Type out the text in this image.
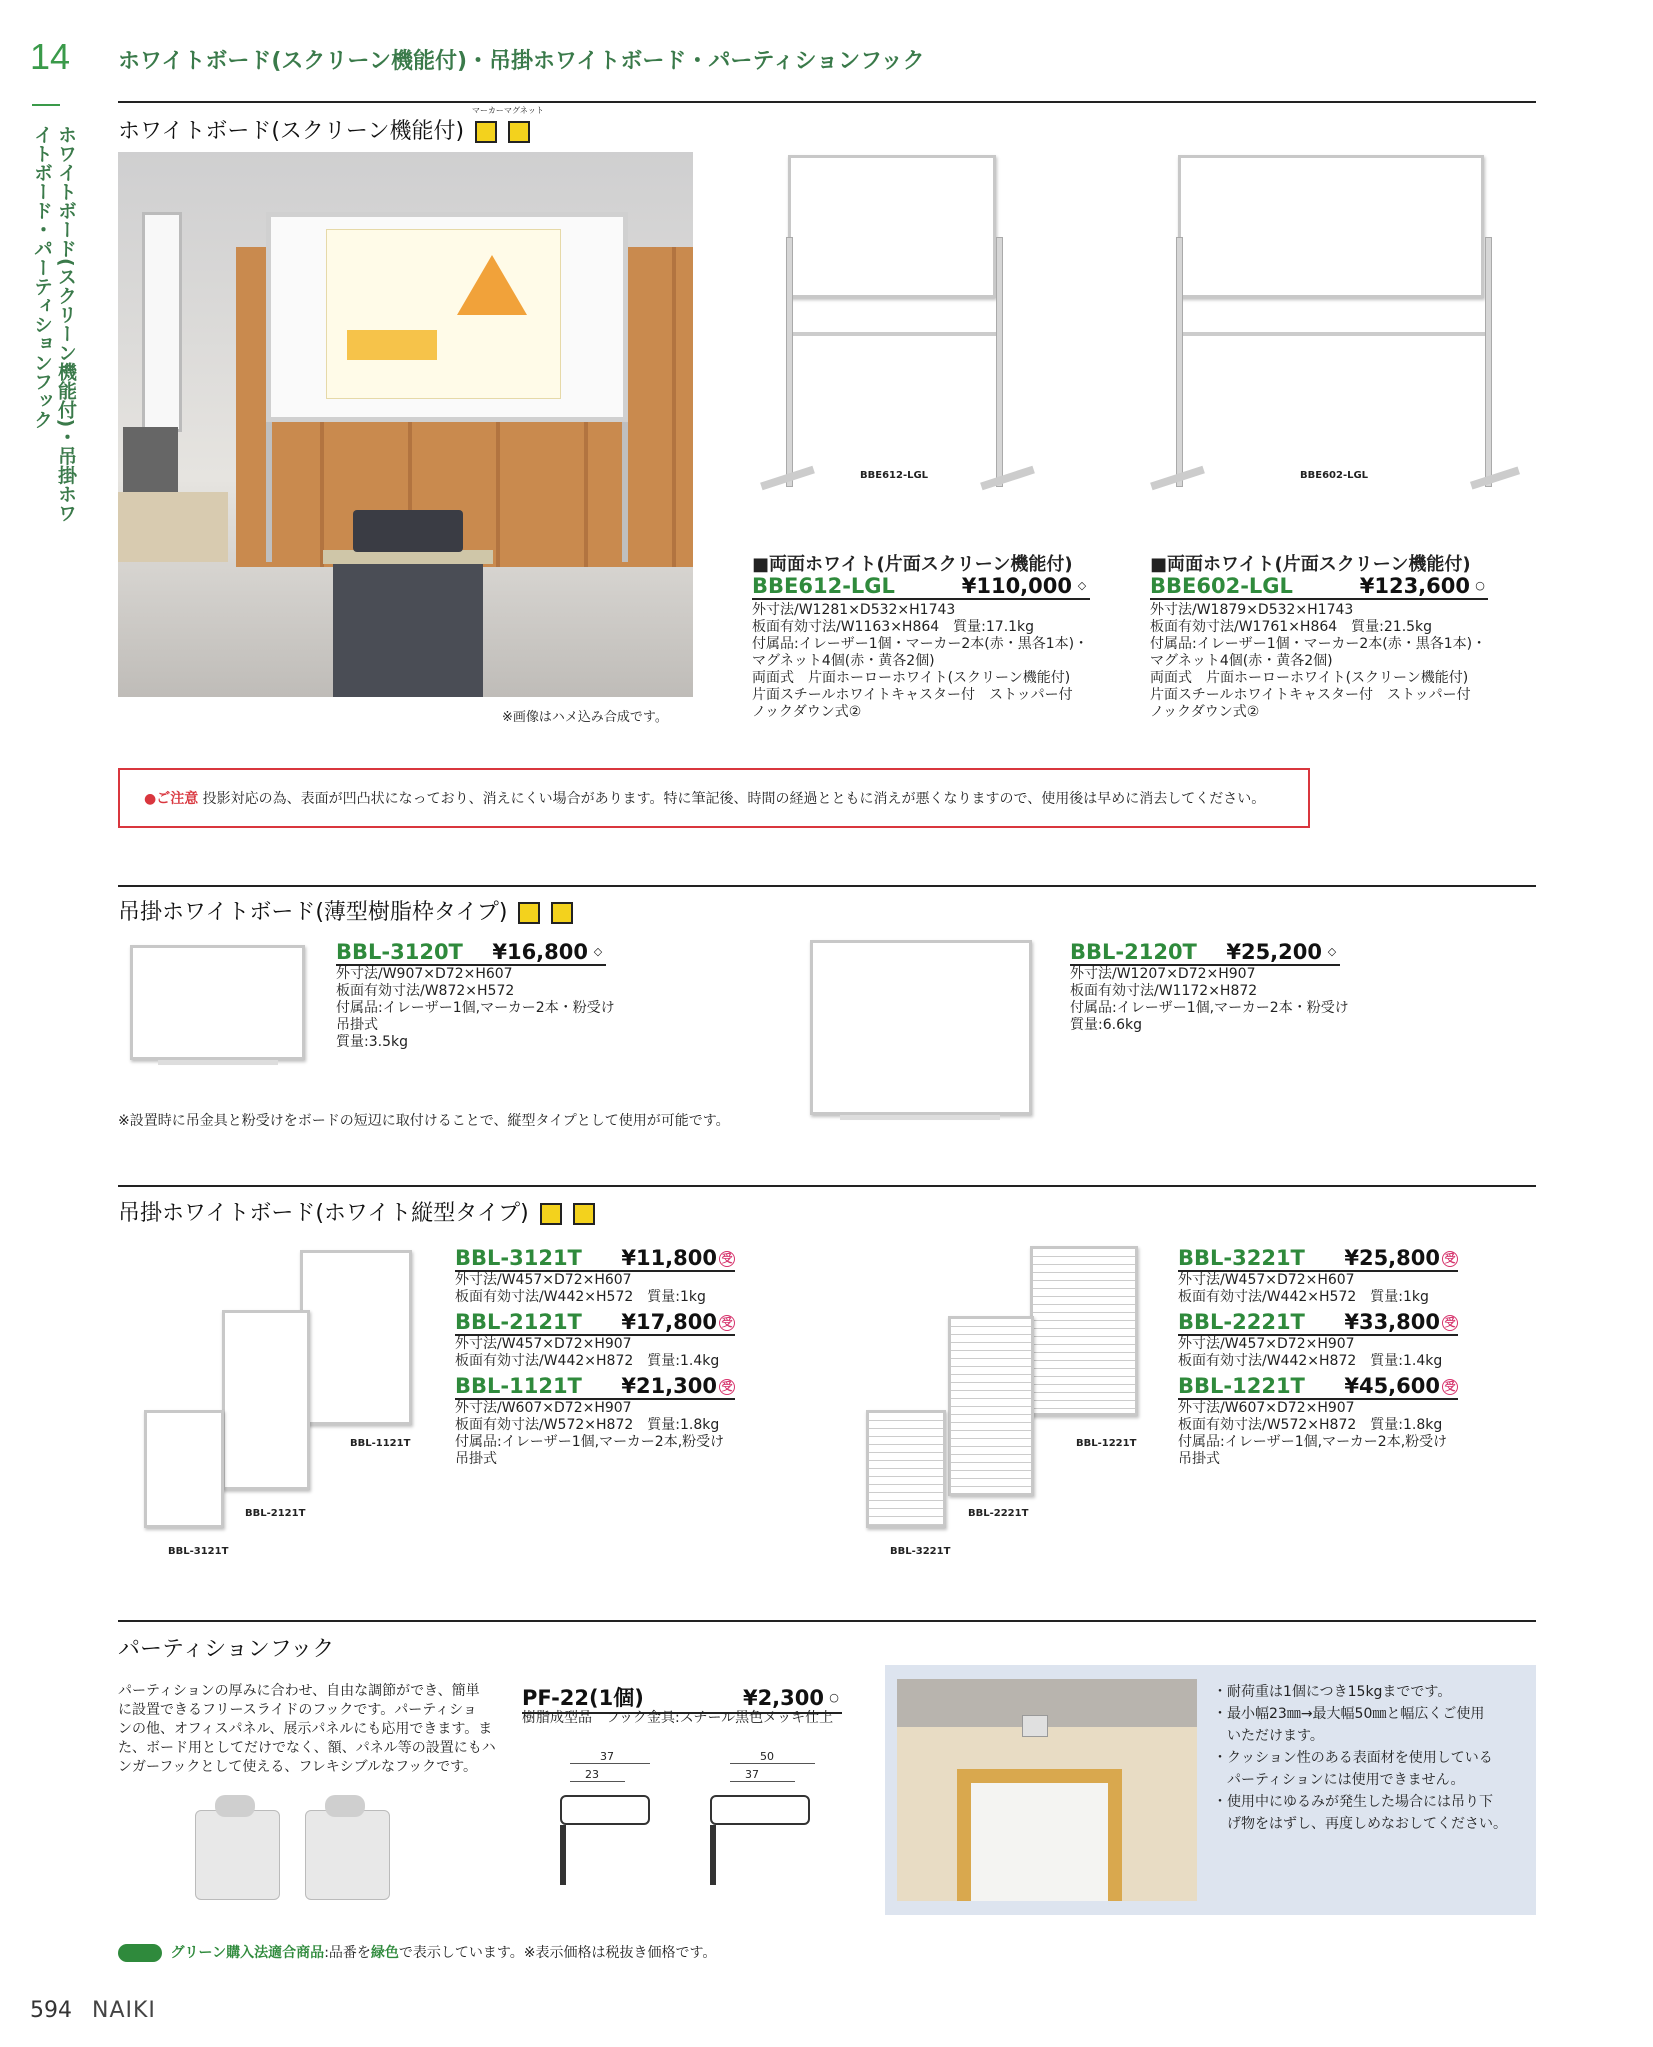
14 ホワイトボード(スクリーン機能付)・吊掛ホワイトボード・パーティションフック
ホワイトボード(スクリーン機能付)・吊掛ホワイトボード・パーティションフック	ホワイトボード(スクリーン機能付)
マーカー マグネット
※画像はハメ込み合成です。
BBE612-LGL	BBE602-LGL
■両面ホワイト(片面スクリーン機能付)
BBE612-LGL	¥110,000 ◇
外寸法/W1281×D532×H1743
板面有効寸法/W1163×H864　質量:17.1kg
付属品:イレーザー1個・マーカー2本(赤・黒各1本)・
マグネット4個(赤・黄各2個)
両面式　片面ホーローホワイト(スクリーン機能付)
片面スチールホワイトキャスター付　ストッパー付
ノックダウン式②
■両面ホワイト(片面スクリーン機能付)
BBE602-LGL	¥123,600 ○
外寸法/W1879×D532×H1743
板面有効寸法/W1761×H864　質量:21.5kg
付属品:イレーザー1個・マーカー2本(赤・黒各1本)・
マグネット4個(赤・黄各2個)
両面式　片面ホーローホワイト(スクリーン機能付)
片面スチールホワイトキャスター付　ストッパー付
ノックダウン式②
●ご注意 投影対応の為、表面が凹凸状になっており、消えにくい場合があります。特に筆記後、時間の経過とともに消えが悪くなりますので、使用後は早めに消去してください。
吊掛ホワイトボード(薄型樹脂枠タイプ)
BBL-3120T ¥16,800 ◇
外寸法/W907×D72×H607
板面有効寸法/W872×H572
付属品:イレーザー1個,マーカー2本・粉受け
吊掛式
質量:3.5kg
BBL-2120T ¥25,200 ◇
外寸法/W1207×D72×H907
板面有効寸法/W1172×H872
付属品:イレーザー1個,マーカー2本・粉受け
質量:6.6kg
※設置時に吊金具と粉受けをボードの短辺に取付けることで、縦型タイプとして使用が可能です。
吊掛ホワイトボード(ホワイト縦型タイプ)
BBL-1121T
BBL-2121T
BBL-3121T
BBL-3121T ¥11,800 受
外寸法/W457×D72×H607
板面有効寸法/W442×H572　質量:1kg
BBL-2121T ¥17,800 受
外寸法/W457×D72×H907
板面有効寸法/W442×H872　質量:1.4kg
BBL-1121T ¥21,300 受
外寸法/W607×D72×H907
板面有効寸法/W572×H872　質量:1.8kg
付属品:イレーザー1個,マーカー2本,粉受け
吊掛式
BBL-1221T
BBL-2221T
BBL-3221T
BBL-3221T ¥25,800 受
外寸法/W457×D72×H607
板面有効寸法/W442×H572　質量:1kg
BBL-2221T ¥33,800 受
外寸法/W457×D72×H907
板面有効寸法/W442×H872　質量:1.4kg
BBL-1221T ¥45,600 受
外寸法/W607×D72×H907
板面有効寸法/W572×H872　質量:1.8kg
付属品:イレーザー1個,マーカー2本,粉受け
吊掛式
パーティションフック
パーティションの厚みに合わせ、自由な調節ができ、簡単
に設置できるフリースライドのフックです。パーティショ
ンの他、オフィスパネル、展示パネルにも応用できます。ま
た、ボード用としてだけでなく、額、パネル等の設置にもハ
ンガーフックとして使える、フレキシブルなフックです。
PF-22(1個)	¥2,300 ○
樹脂成型品　フック金具:スチール黒色メッキ仕上
37
23
50
37
・耐荷重は1個につき15kgまでです。
・最小幅23㎜→最大幅50㎜と幅広くご使用
　いただけます。
・クッション性のある表面材を使用している
　パーティションには使用できません。
・使用中にゆるみが発生した場合には吊り下
　げ物をはずし、再度しめなおしてください。
グリーン購入法適合商品:品番を緑色で表示しています。※表示価格は税抜き価格です。
594 NAIKI
